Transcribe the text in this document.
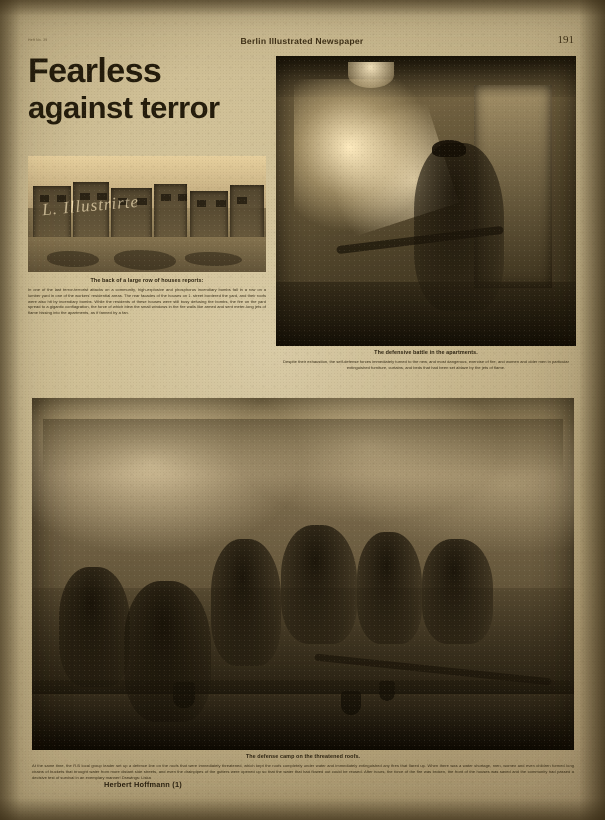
Heft No. 39	Berlin Illustrated Newspaper	191
Fearless
against terror
L. Illustrirte
The back of a large row of houses reports:
In one of the last terror-terrorist attacks on a community, high-explosive and phosphorus incendiary bombs fall in a row on a lumber yard in one of the workers' residential areas. The rear facades of the houses on 1. street bordered the yard, and their roofs were also hit by incendiary bombs. While the residents of these houses were still busy defusing the bombs, the fire on the yard spread to a gigantic conflagration, the force of which blew the small windows in the fire walls like armed and sent meter-long jets of flame hissing into the apartments, as if fanned by a fan.
The defensive battle in the apartments.
Despite their exhaustion, the self-defense forces immediately turned to the new, and most dangerous, exercise of fire, and women and older men in particular extinguished furniture, curtains, and beds that had been set ablaze by the jets of flame.
The defense camp on the threatened roofs.
At the same time, the R.B local group leader set up a defence line on the roofs that were immediately threatened, which kept the roofs completely under water and immediately extinguished any fires that flared up. When there was a water shortage, men, women and even children formed long chains of buckets that brought water from more distant side streets, and even the drainpipes of the gutters were opened up so that the water that had flowed out could be reused. After hours, the force of the fire was broken, the front of the houses was saved and the community had passed a decisive test of survival in an exemplary manner! Drawings: Liska
Herbert Hoffmann (1)
